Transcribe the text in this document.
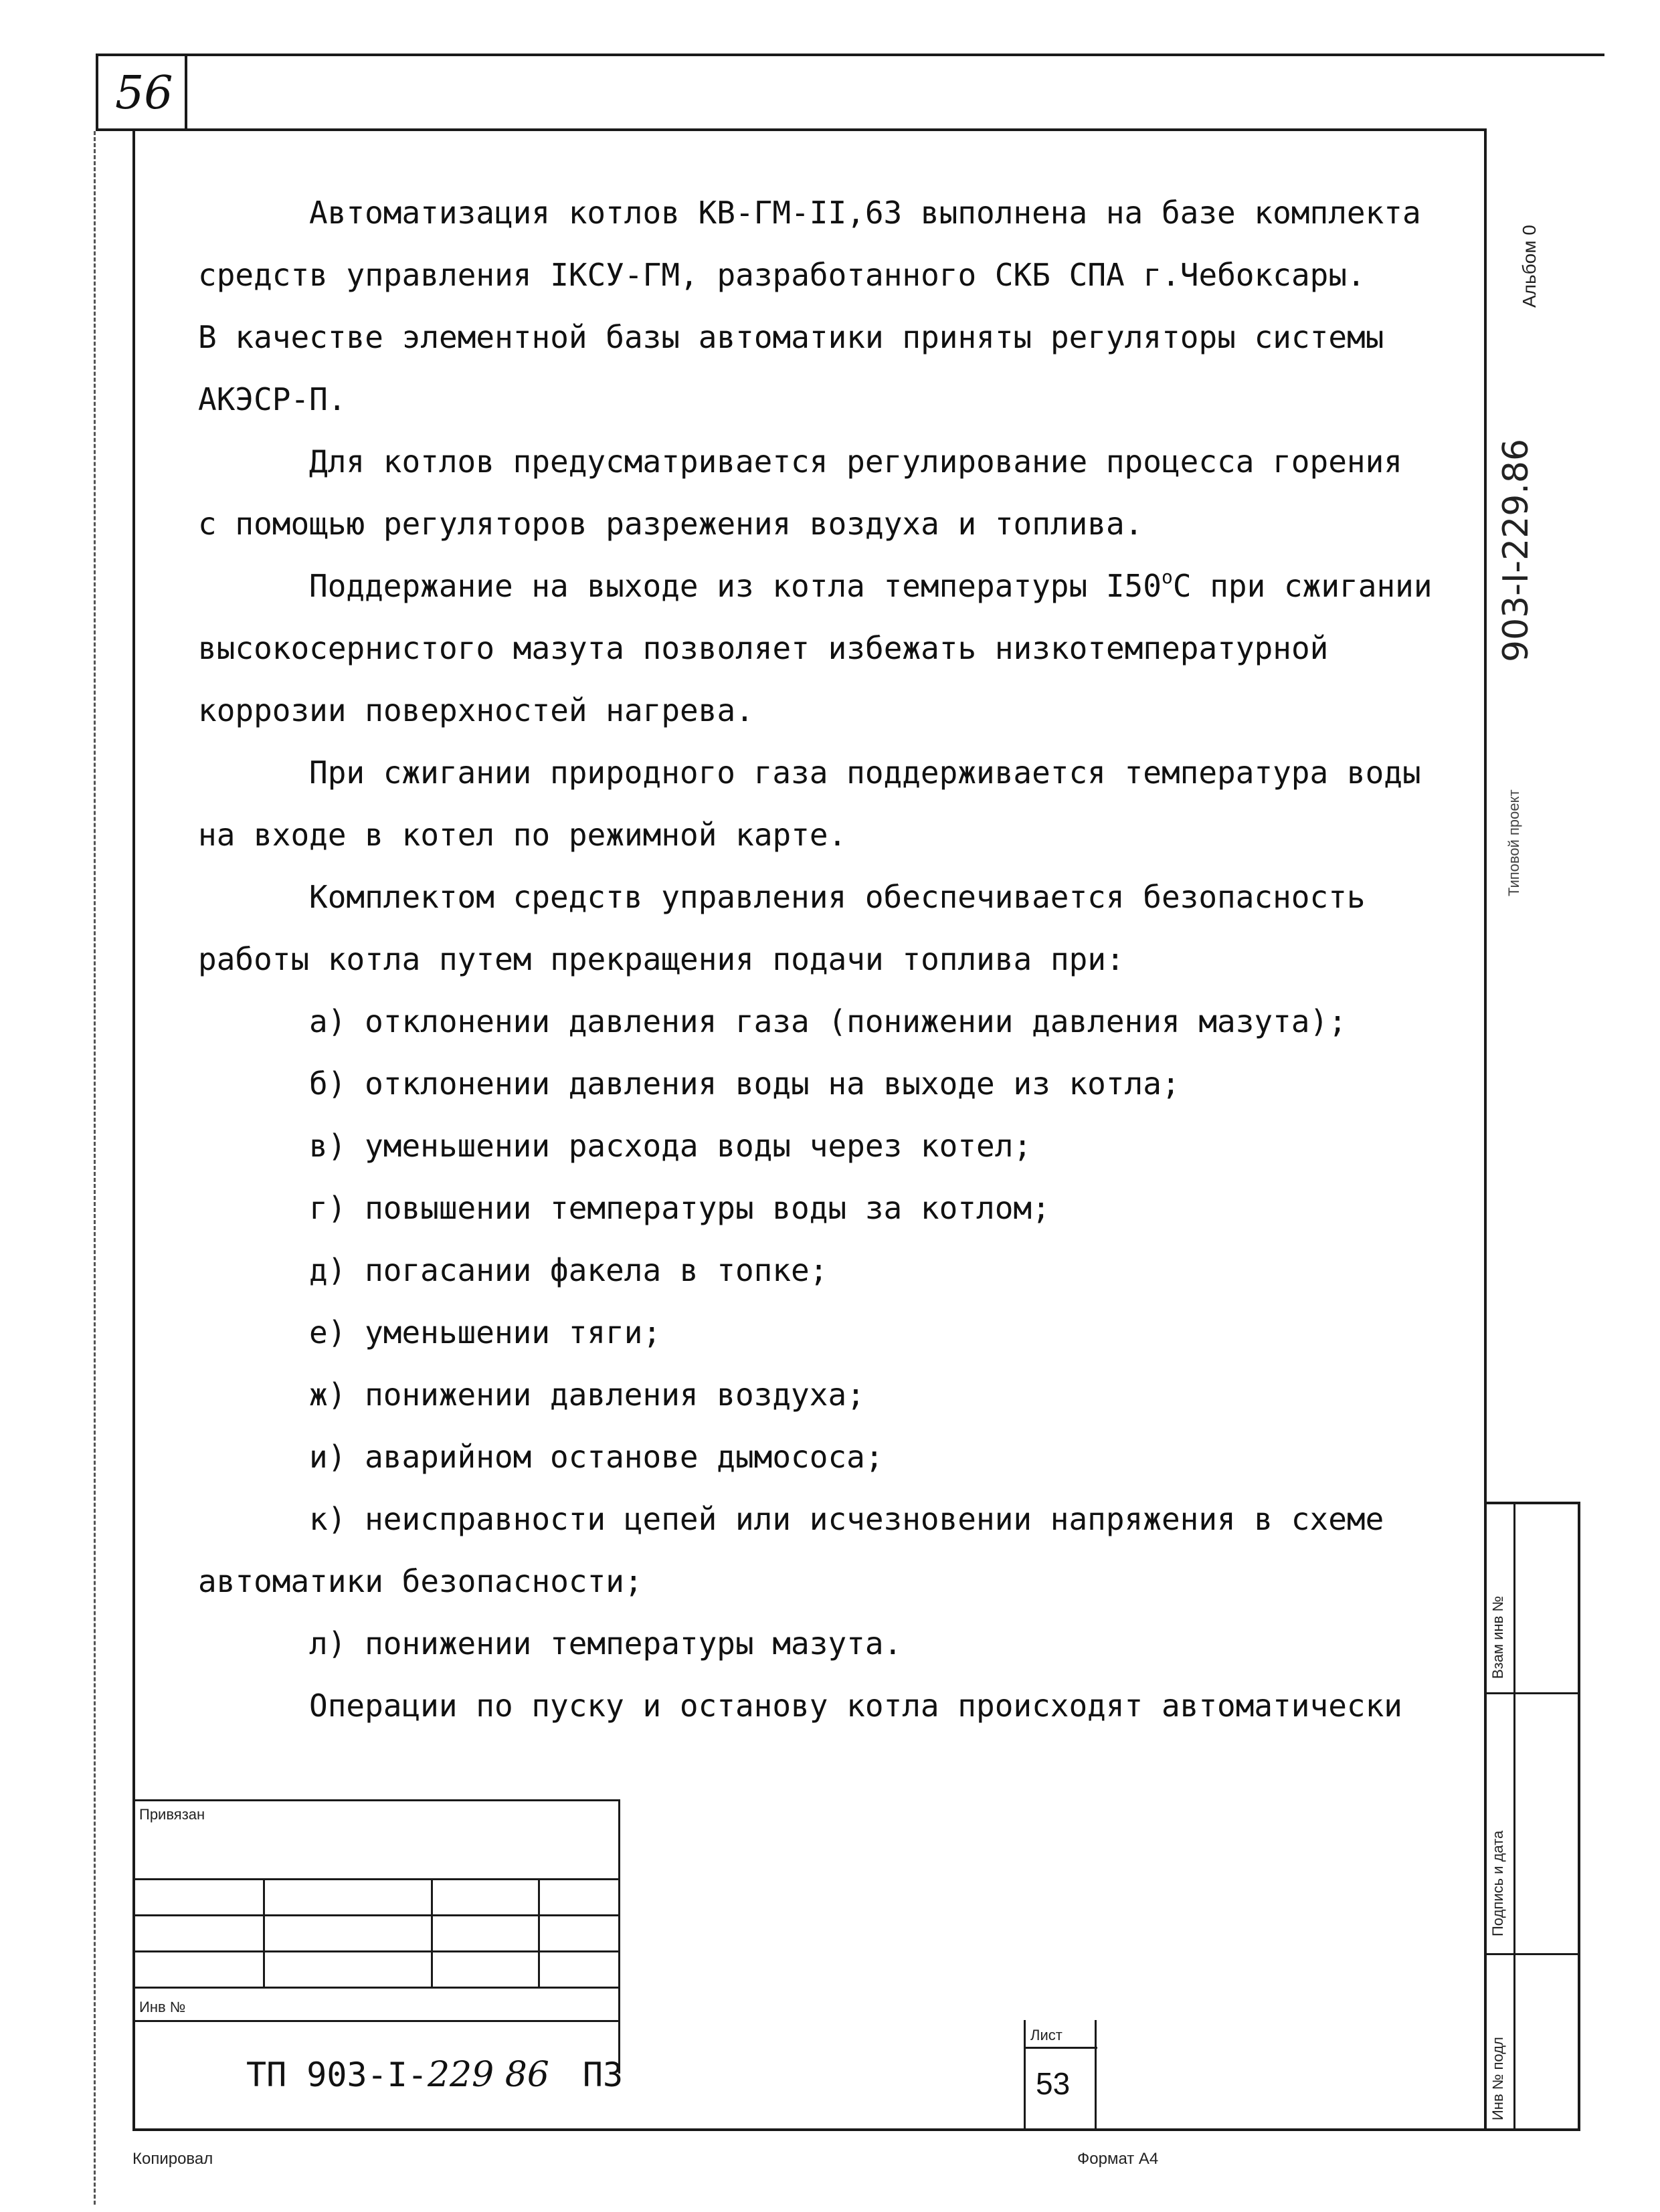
56
Альбом 0
Типовой проект
903-I-229.86
Взам инв №
Подпись и дата
Инв № подл
Автоматизация котлов КВ-ГМ-II,63 выполнена на базе комплекта
средств управления IКСУ-ГМ, разработанного СКБ СПА г.Чебоксары.
В качестве элементной базы автоматики приняты регуляторы системы
АКЭСР-П.
Для котлов предусматривается регулирование процесса горения
с помощью регуляторов разрежения воздуха и топлива.
Поддержание на выходе из котла температуры I50$^o$C при сжигании
высокосернистого мазута позволяет избежать низкотемпературной
коррозии поверхностей нагрева.
При сжигании природного газа поддерживается температура воды
на входе в котел по режимной карте.
Комплектом средств управления обеспечивается безопасность
работы котла путем прекращения подачи топлива при:
а) отклонении давления газа (понижении давления мазута);
б) отклонении давления воды на выходе из котла;
в) уменьшении расхода воды через котел;
г) повышении температуры воды за котлом;
д) погасании факела в топке;
е) уменьшении тяги;
ж) понижении давления воздуха;
и) аварийном останове дымососа;
к) неисправности цепей или исчезновении напряжения в схеме
автоматики безопасности;
л) понижении температуры мазута.
Операции по пуску и останову котла происходят автоматически
Привязан
Инв №
ТП 903-I-229 86 ПЗ
Лист
53
Копировал	Формат А4
